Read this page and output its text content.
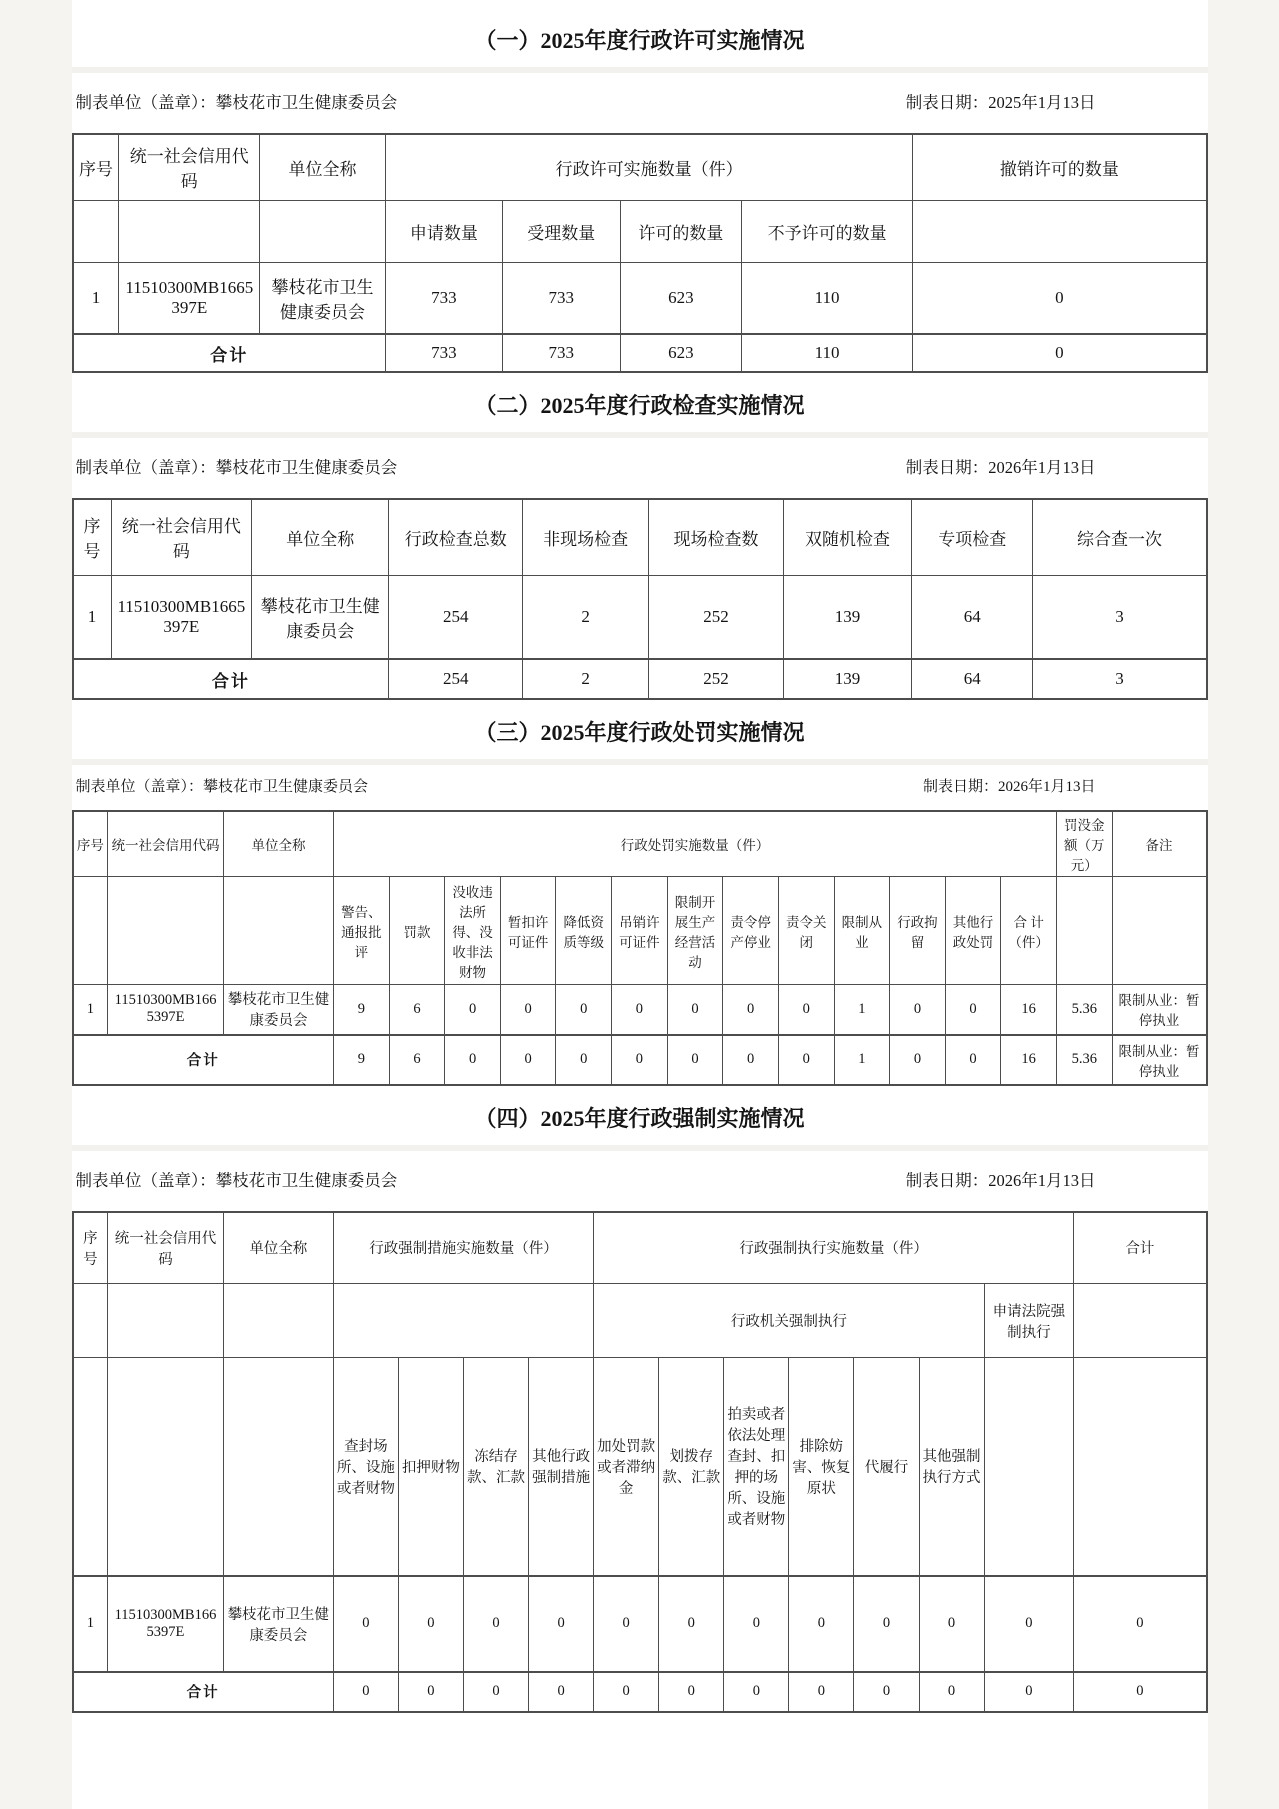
（一）2025年度行政许可实施情况
制表单位（盖章）：攀枝花市卫生健康委员会	制表日期：2025年1月13日
序号	统一社会信用代码	单位全称	行政许可实施数量（件）				撤销许可的数量
			申请数量	受理数量	许可的数量	不予许可的数量	
1	11510300MB1665397E	攀枝花市卫生健康委员会	733	733	623	110	0
合计			733	733	623	110	0
（二）2025年度行政检查实施情况
制表单位（盖章）：攀枝花市卫生健康委员会	制表日期：2026年1月13日
序号	统一社会信用代码	单位全称	行政检查总数	非现场检查	现场检查数	双随机检查	专项检查	综合查一次
1	11510300MB1665397E	攀枝花市卫生健康委员会	254	2	252	139	64	3
合计			254	2	252	139	64	3
（三）2025年度行政处罚实施情况
制表单位（盖章）：攀枝花市卫生健康委员会	制表日期：2026年1月13日
序号	统一社会信用代码	单位全称	行政处罚实施数量（件）													罚没金额（万元）	备注
			警告、通报批评	罚款	没收违法所得、没收非法财物	暂扣许可证件	降低资质等级	吊销许可证件	限制开展生产经营活动	责令停产停业	责令关闭	限制从业	行政拘留	其他行政处罚	合 计（件）		
1	11510300MB1665397E	攀枝花市卫生健康委员会	9	6	0	0	0	0	0	0	0	1	0	0	16	5.36	限制从业：暂停执业
合计			9	6	0	0	0	0	0	0	0	1	0	0	16	5.36	限制从业：暂停执业
（四）2025年度行政强制实施情况
制表单位（盖章）：攀枝花市卫生健康委员会	制表日期：2026年1月13日
序号	统一社会信用代码	单位全称	行政强制措施实施数量（件）				行政强制执行实施数量（件）							合计
							行政机关强制执行						申请法院强制执行	
			查封场所、设施或者财物	扣押财物	冻结存款、汇款	其他行政强制措施	加处罚款或者滞纳金	划拨存款、汇款	拍卖或者依法处理查封、扣押的场所、设施或者财物	排除妨害、恢复原状	代履行	其他强制执行方式		
1	11510300MB1665397E	攀枝花市卫生健康委员会	0	0	0	0	0	0	0	0	0	0	0	0
合计			0	0	0	0	0	0	0	0	0	0	0	0
